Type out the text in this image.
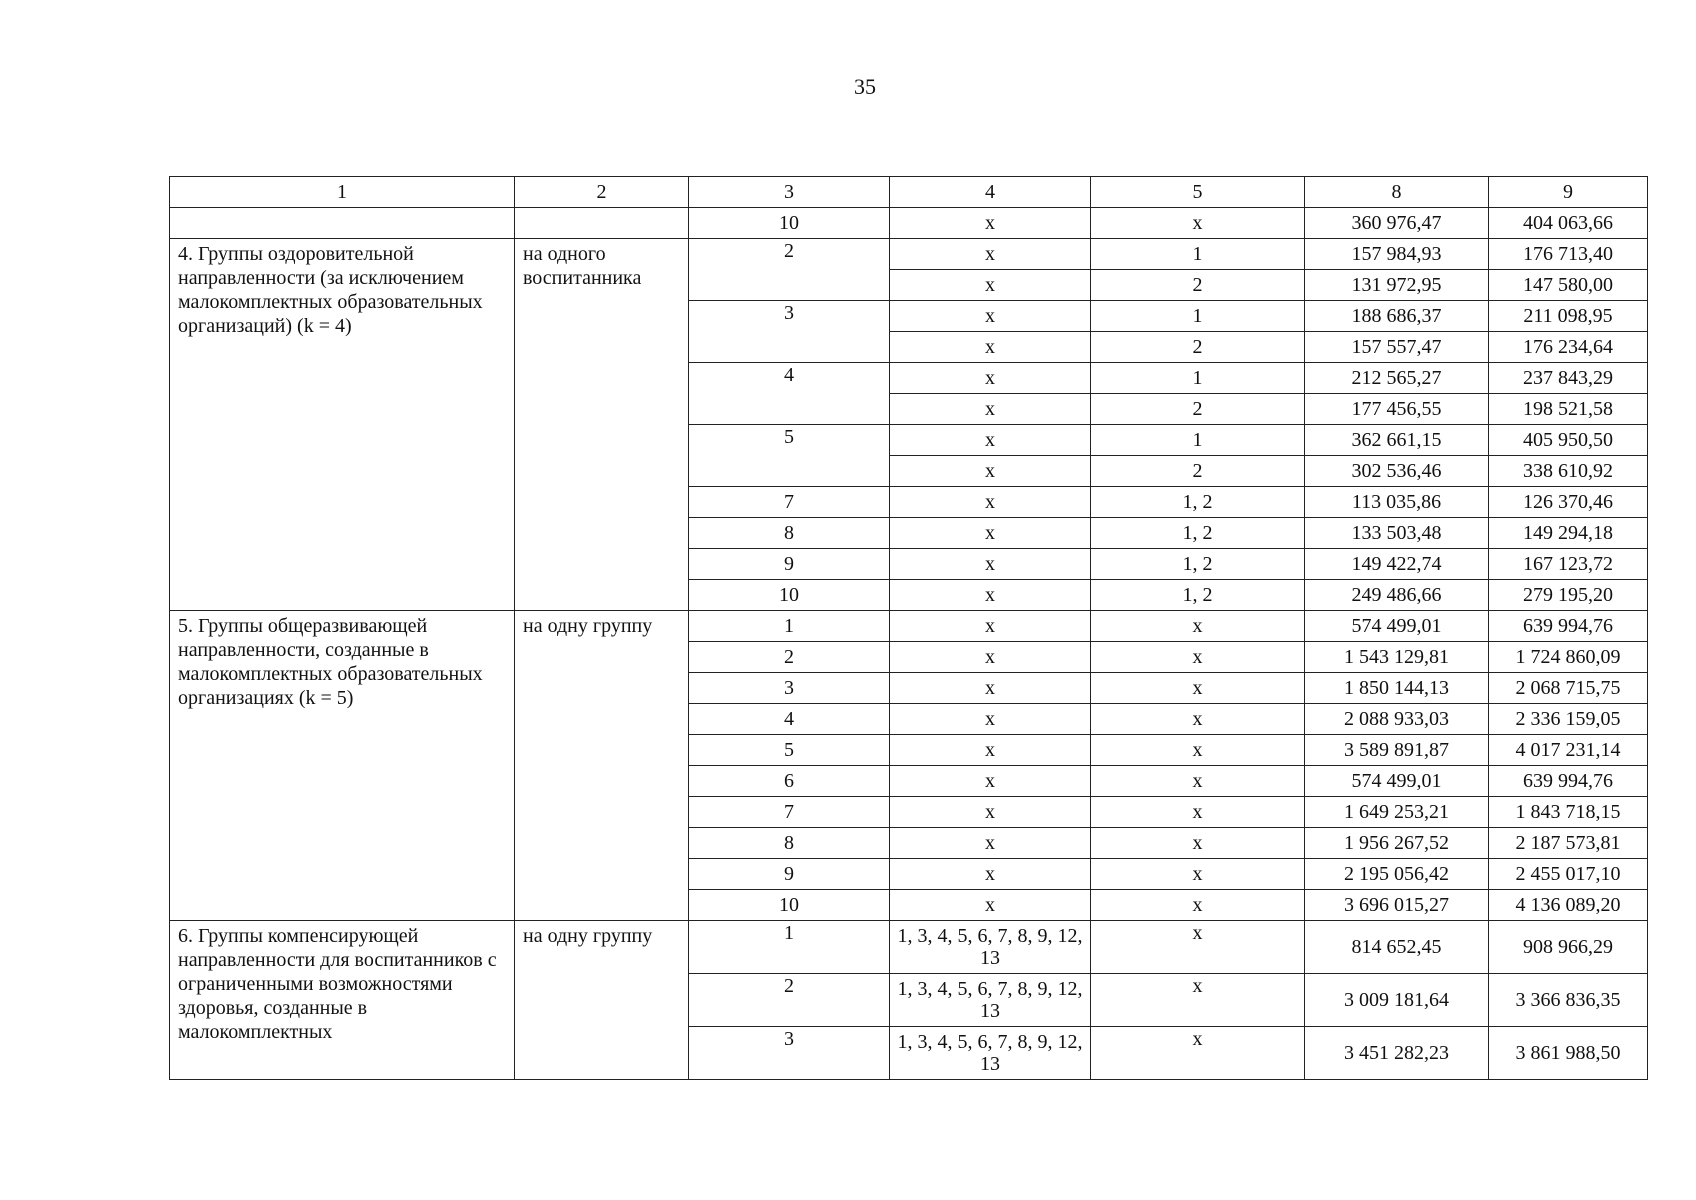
35
1	2	3	4	5	8	9
		10	х	х	360 976,47	404 063,66
4. Группы оздоровительной направленности (за исключением малокомплектных образовательных организаций) (k = 4)	на одного воспитанника	2	х	1	157 984,93	176 713,40
			х	2	131 972,95	147 580,00
		3	х	1	188 686,37	211 098,95
			х	2	157 557,47	176 234,64
		4	х	1	212 565,27	237 843,29
			х	2	177 456,55	198 521,58
		5	х	1	362 661,15	405 950,50
			х	2	302 536,46	338 610,92
		7	х	1, 2	113 035,86	126 370,46
		8	х	1, 2	133 503,48	149 294,18
		9	х	1, 2	149 422,74	167 123,72
		10	х	1, 2	249 486,66	279 195,20
5. Группы общеразвивающей направленности, созданные в малокомплектных образовательных организациях (k = 5)	на одну группу	1	х	х	574 499,01	639 994,76
		2	х	х	1 543 129,81	1 724 860,09
		3	х	х	1 850 144,13	2 068 715,75
		4	х	х	2 088 933,03	2 336 159,05
		5	х	х	3 589 891,87	4 017 231,14
		6	х	х	574 499,01	639 994,76
		7	х	х	1 649 253,21	1 843 718,15
		8	х	х	1 956 267,52	2 187 573,81
		9	х	х	2 195 056,42	2 455 017,10
		10	х	х	3 696 015,27	4 136 089,20
6. Группы компенсирующей направленности для воспитанников с ограниченными возможностями здоровья, созданные в малокомплектных	на одну группу	1	1, 3, 4, 5, 6, 7, 8, 9, 12, 13	х	814 652,45	908 966,29
		2	1, 3, 4, 5, 6, 7, 8, 9, 12, 13	х	3 009 181,64	3 366 836,35
		3	1, 3, 4, 5, 6, 7, 8, 9, 12, 13	х	3 451 282,23	3 861 988,50
